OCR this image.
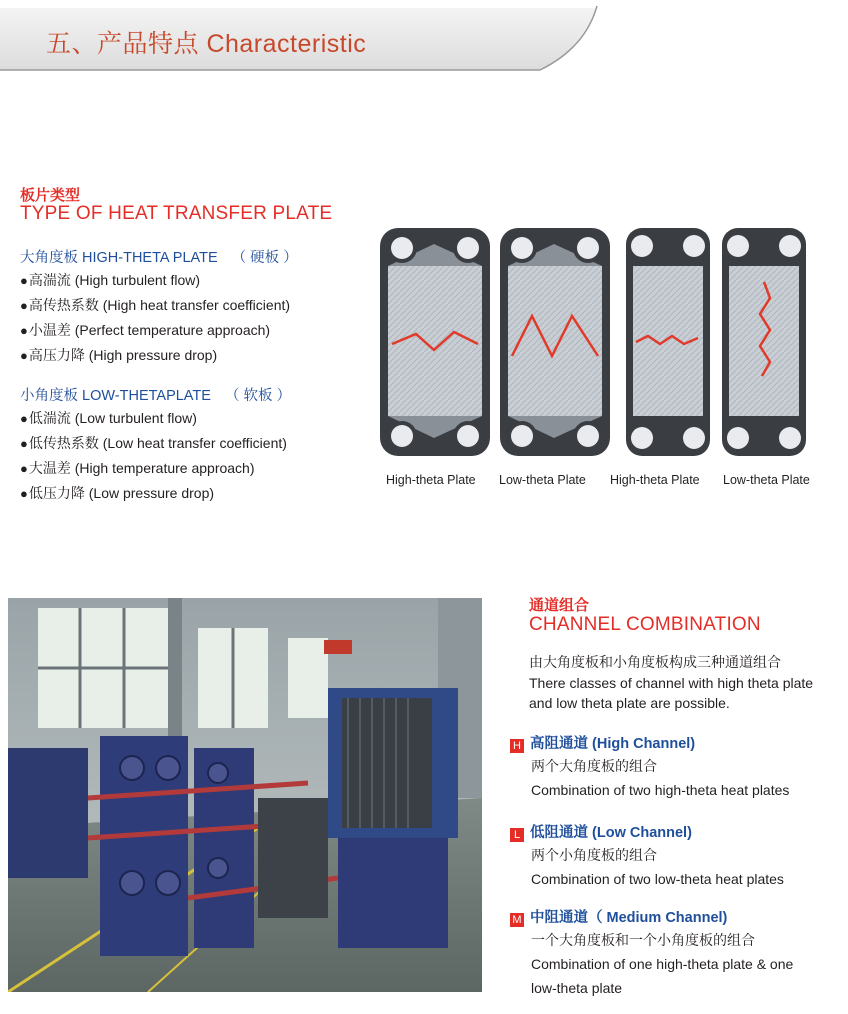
五、产品特点 Characteristic
板片类型
TYPE OF HEAT TRANSFER PLATE
大角度板 HIGH-THETA PLATE （ 硬板 ）
● 高湍流 (High turbulent flow)
● 高传热系数 (High heat transfer coefficient)
● 小温差 (Perfect temperature approach)
● 高压力降 (High pressure drop)
小角度板 LOW-THETAPLATE （ 软板 ）
● 低湍流 (Low turbulent flow)
● 低传热系数 (Low heat transfer coefficient)
● 大温差 (High temperature approach)
● 低压力降 (Low pressure drop)
High-theta Plate Low-theta Plate High-theta Plate Low-theta Plate
通道组合
CHANNEL COMBINATION
由大角度板和小角度板构成三种通道组合
There classes of channel with high theta plate
and low theta plate are possible.
H 高阻通道 (High Channel)
两个大角度板的组合
Combination of two high-theta heat plates
L 低阻通道 (Low Channel)
两个小角度板的组合
Combination of two low-theta heat plates
M 中阻通道（ Medium Channel)
一个大角度板和一个小角度板的组合
Combination of one high-theta plate & one
low-theta plate
